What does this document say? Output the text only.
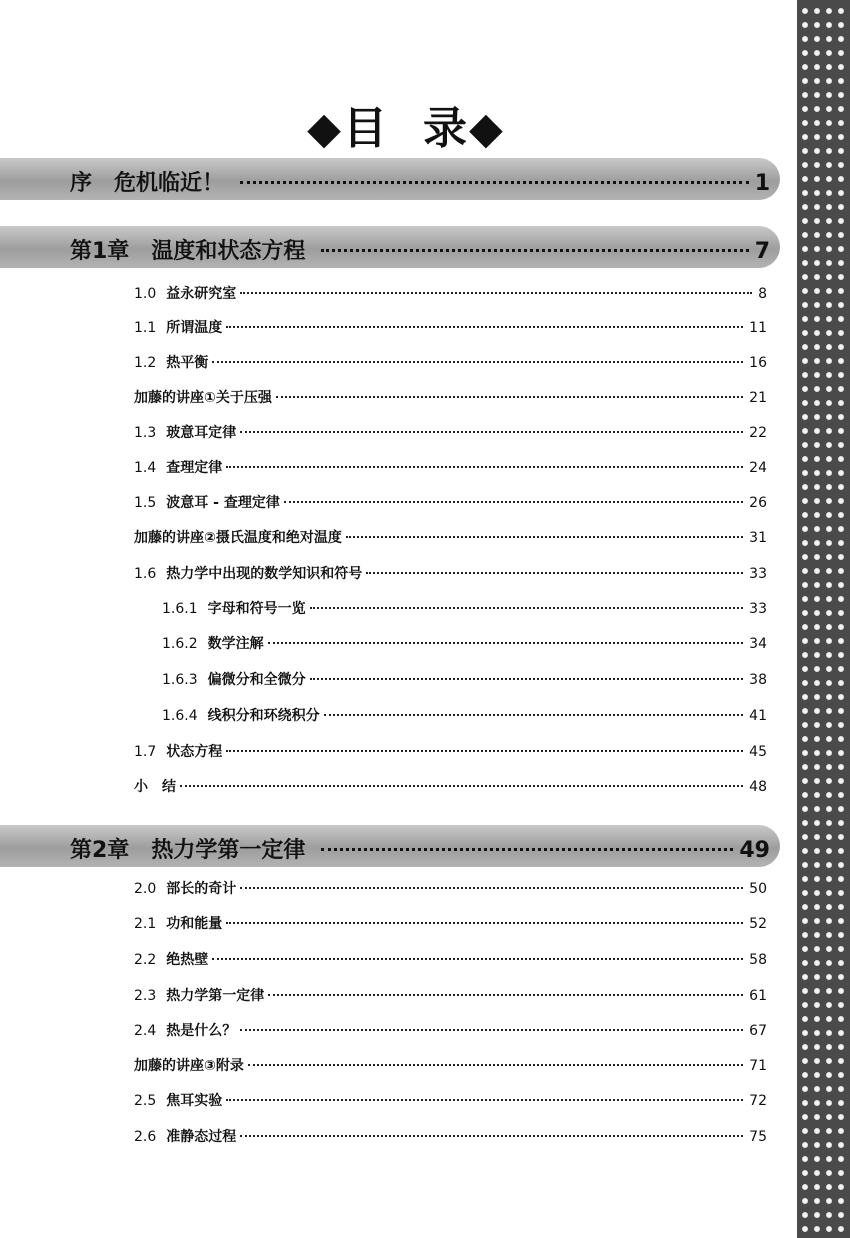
◆目 录◆
序 危机临近！	1
第1章 温度和状态方程	7
1.0 益永研究室	8
1.1 所谓温度	11
1.2 热平衡	16
加藤的讲座①关于压强	21
1.3 玻意耳定律	22
1.4 查理定律	24
1.5 波意耳 - 查理定律	26
加藤的讲座②摄氏温度和绝对温度	31
1.6 热力学中出现的数学知识和符号	33
1.6.1 字母和符号一览	33
1.6.2 数学注解	34
1.6.3 偏微分和全微分	38
1.6.4 线积分和环绕积分	41
1.7 状态方程	45
小　结	48
第2章 热力学第一定律	49
2.0 部长的奇计	50
2.1 功和能量	52
2.2 绝热壁	58
2.3 热力学第一定律	61
2.4 热是什么？	67
加藤的讲座③附录	71
2.5 焦耳实验	72
2.6 准静态过程	75
